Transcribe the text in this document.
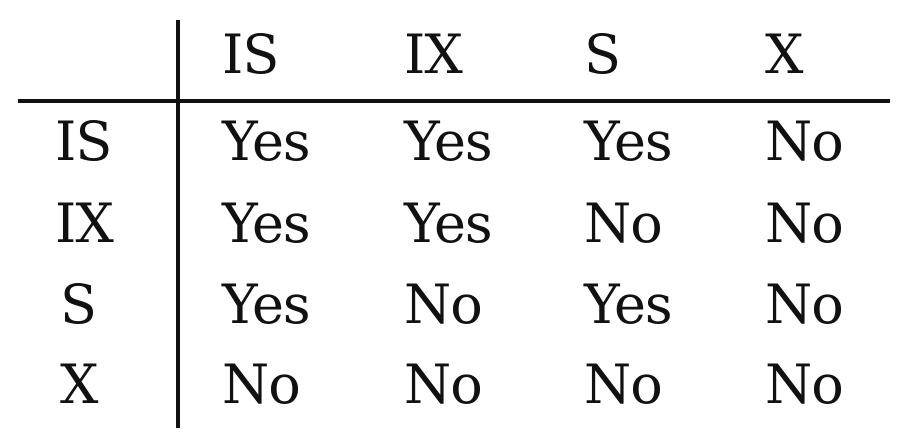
IS IX S	X
IS Yes Yes Yes No
IX Yes Yes No No
S Yes No Yes No
X No No No No
